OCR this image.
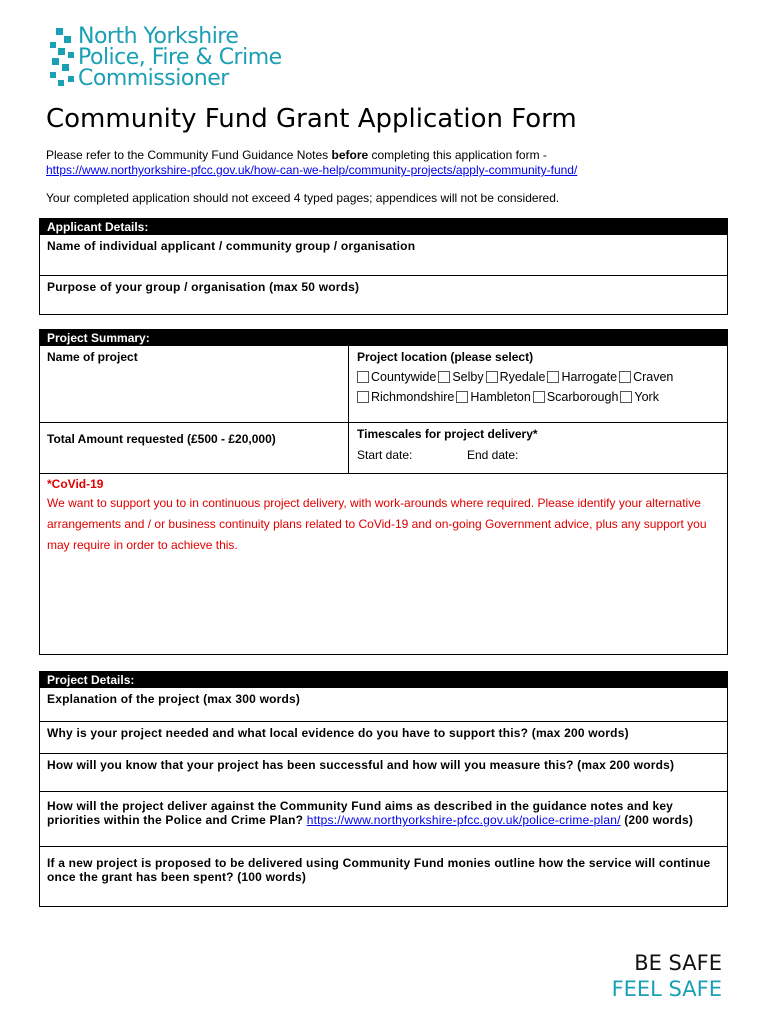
North Yorkshire
Police, Fire & Crime
Commissioner
Community Fund Grant Application Form

Please refer to the Community Fund Guidance Notes before completing this application form -
https://www.northyorkshire-pfcc.gov.uk/how-can-we-help/community-projects/apply-community-fund/

Your completed application should not exceed 4 typed pages; appendices will not be considered.

Applicant Details:
Name of individual applicant / community group / organisation
Purpose of your group / organisation (max 50 words)
Project Summary:
Name of project	Project location (please select)
Countywide Selby Ryedale Harrogate Craven
Richmondshire Hambleton Scarborough York
Total Amount requested (£500 - £20,000)	Timescales for project delivery*
Start date:	End date:
*CoVid-19
We want to support you to in continuous project delivery, with work-arounds where required. Please identify your alternative arrangements and / or business continuity plans related to CoVid-19 and on-going Government advice, plus any support you may require in order to achieve this.
Project Details:
Explanation of the project (max 300 words)
Why is your project needed and what local evidence do you have to support this? (max 200 words)
How will you know that your project has been successful and how will you measure this? (max 200 words)
How will the project deliver against the Community Fund aims as described in the guidance notes and key priorities within the Police and Crime Plan? https://www.northyorkshire-pfcc.gov.uk/police-crime-plan/ (200 words)
If a new project is proposed to be delivered using Community Fund monies outline how the service will continue once the grant has been spent? (100 words)
BE SAFE
FEEL SAFE
